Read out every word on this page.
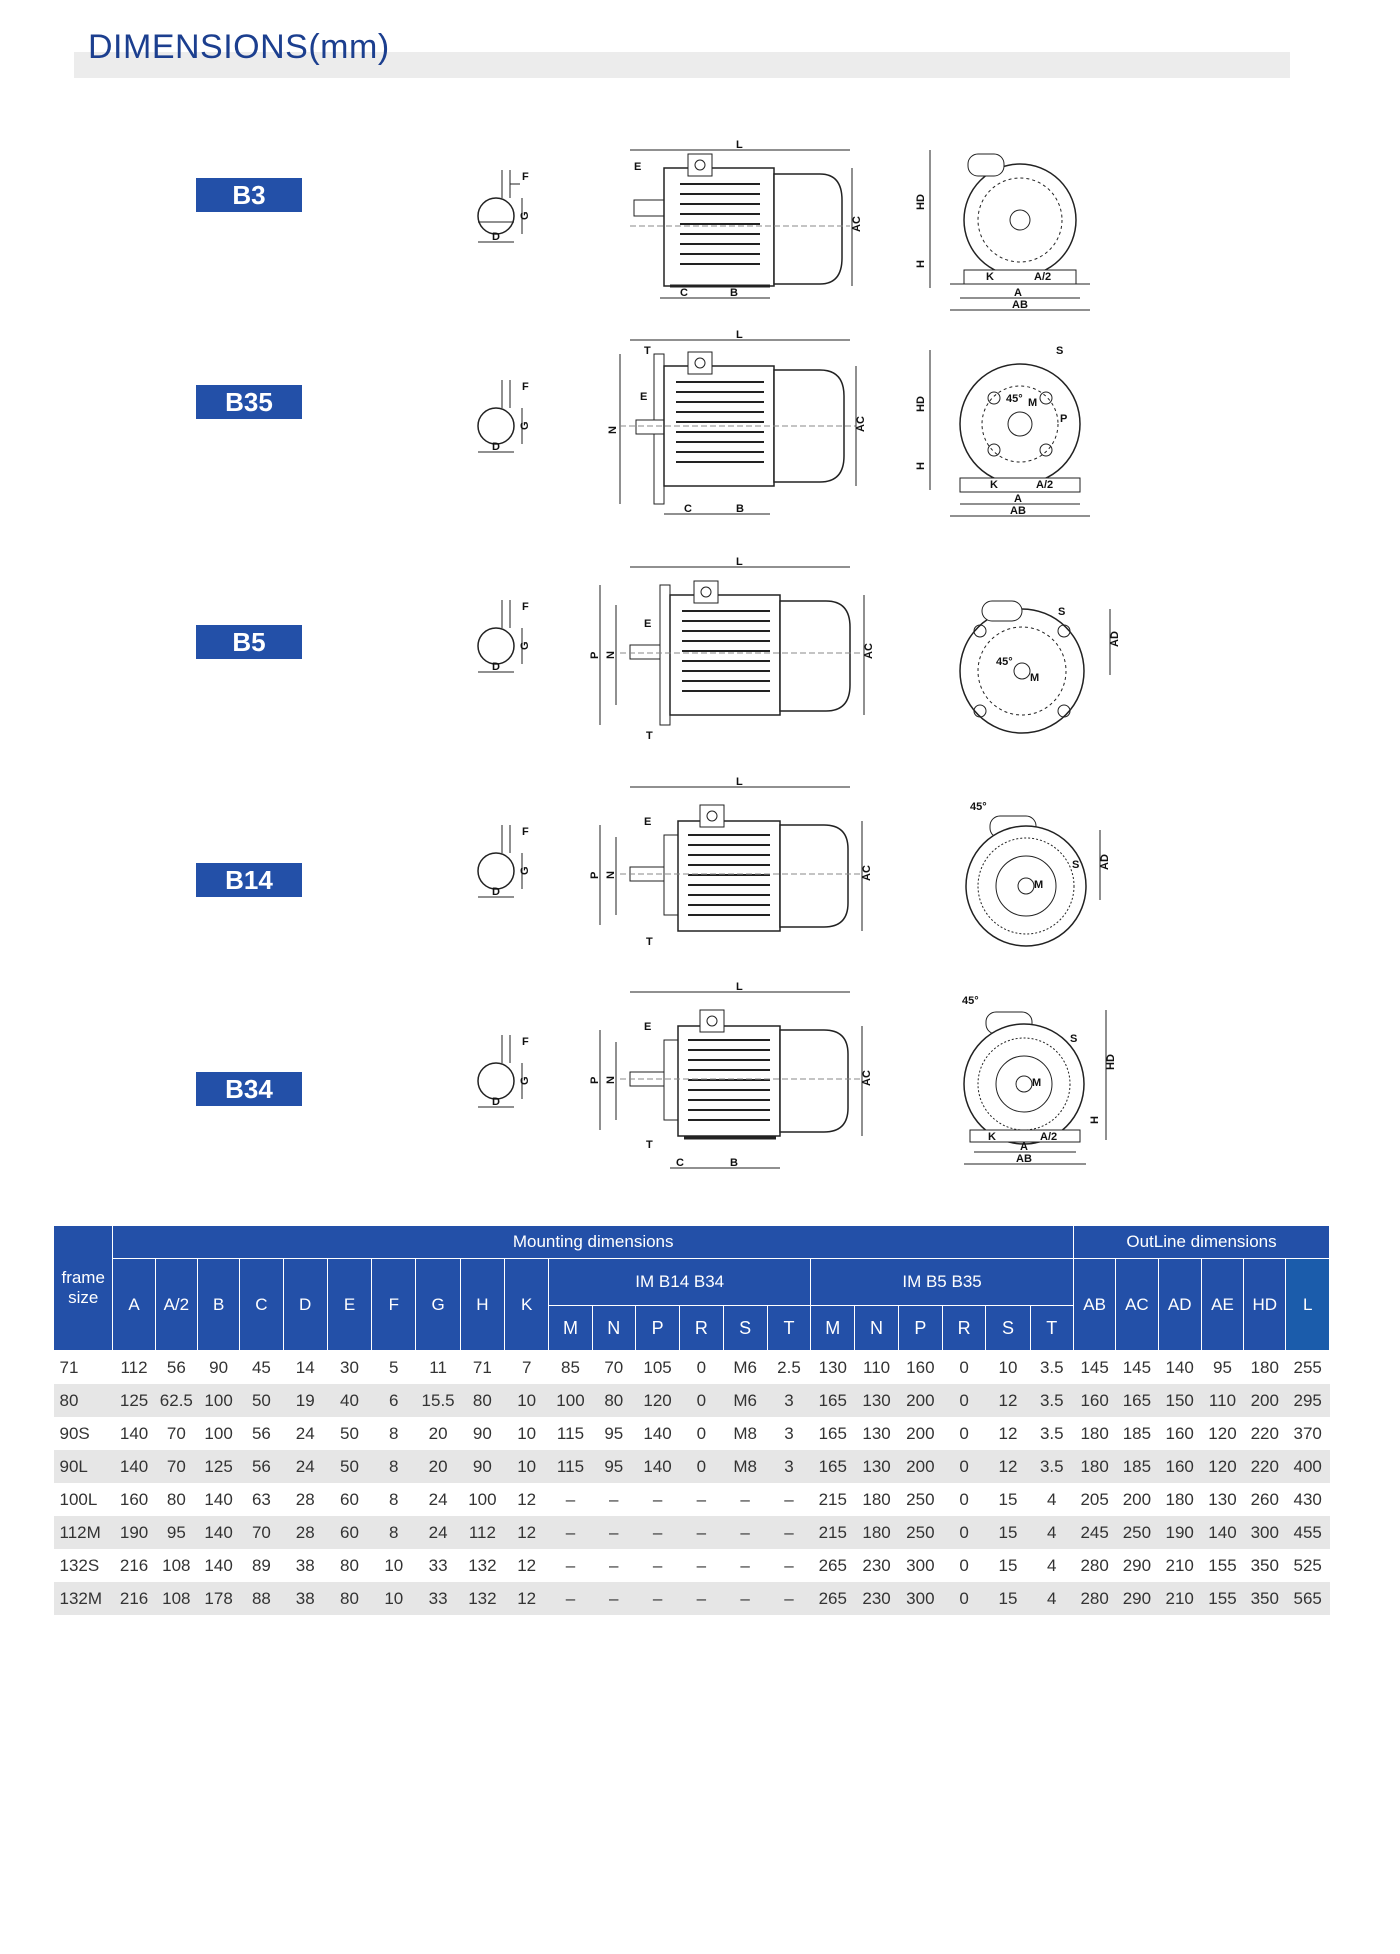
DIMENSIONS(mm)
B3
F
G
D
L
E
AC
C	B
HD
H
K	A/2
A
AB
B35	F
G
D
L
T
N
E
AC
C	B
HD
H
45° M
P
S
K	A/2
A
AB
B5
F
G
D
L
P N
E
AC
T
45°
M
S
AD
B14
F
G
D
L
P N
E
AC
T
45°
M
S AD
B34
F
G
D
L
P N
E
AC
T
C	B
45°
M
S
HD
H
K	A/2
A
AB
frame size	Mounting dimensions																						OutLine dimensions					
	A	A/2	B	C	D	E	F	G	H	K	IM B14 B34						IM B5 B35						AB	AC	AD	AE	HD	L
											M	N	P	R	S	T	M	N	P	R	S	T						
71	112	56	90	45	14	30	5	11	71	7	85	70	105	0	M6	2.5	130	110	160	0	10	3.5	145	145	140	95	180	255
80	125	62.5	100	50	19	40	6	15.5	80	10	100	80	120	0	M6	3	165	130	200	0	12	3.5	160	165	150	110	200	295
90S	140	70	100	56	24	50	8	20	90	10	115	95	140	0	M8	3	165	130	200	0	12	3.5	180	185	160	120	220	370
90L	140	70	125	56	24	50	8	20	90	10	115	95	140	0	M8	3	165	130	200	0	12	3.5	180	185	160	120	220	400
100L	160	80	140	63	28	60	8	24	100	12	–	–	–	–	–	–	215	180	250	0	15	4	205	200	180	130	260	430
112M	190	95	140	70	28	60	8	24	112	12	–	–	–	–	–	–	215	180	250	0	15	4	245	250	190	140	300	455
132S	216	108	140	89	38	80	10	33	132	12	–	–	–	–	–	–	265	230	300	0	15	4	280	290	210	155	350	525
132M	216	108	178	88	38	80	10	33	132	12	–	–	–	–	–	–	265	230	300	0	15	4	280	290	210	155	350	565
